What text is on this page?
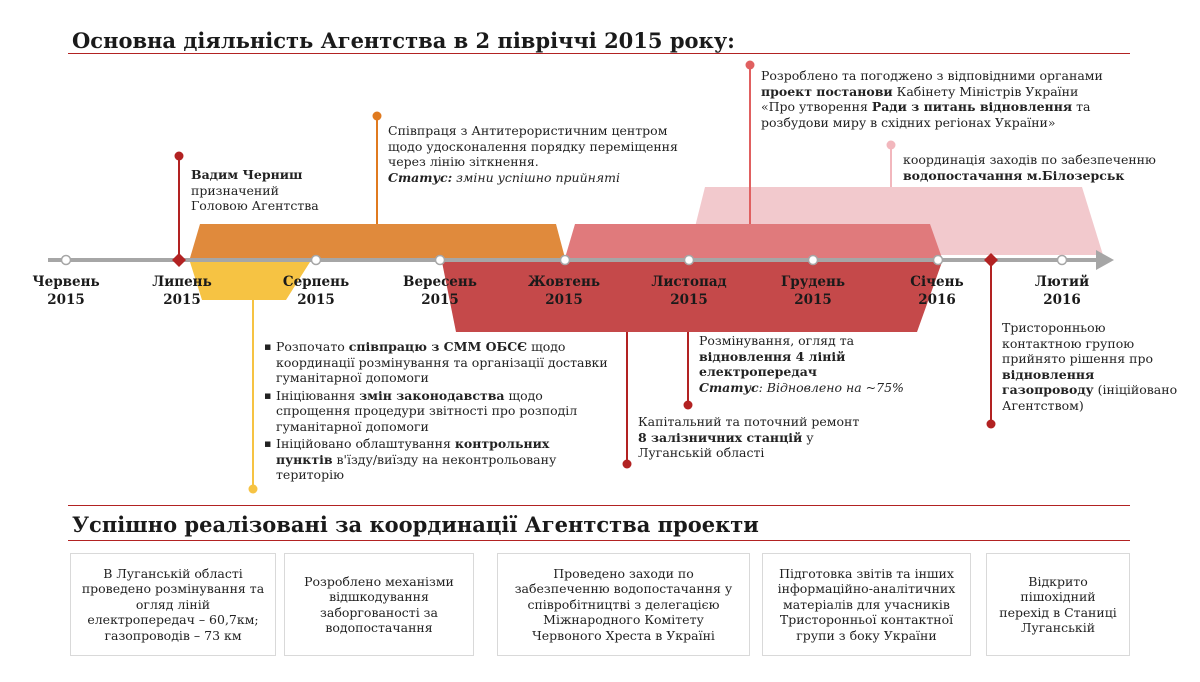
Основна діяльність Агентства в 2 півріччі 2015 року:
Червень
2015
Липень
2015
Серпень
2015
Вересень
2015
Жовтень
2015
Листопад
2015
Грудень
2015
Січень
2016
Лютий
2016
Вадим Черниш
призначений
Головою Агентства
Співпраця з Антитерористичним центром
щодо удосконалення порядку переміщення
через лінію зіткнення.
Статус: зміни успішно прийняті
Розроблено та погоджено з відповідними органами
проект постанови Кабінету Міністрів України
«Про утворення Ради з питань відновлення та
розбудови миру в східних регіонах України»
координація заходів по забезпеченню
водопостачання м.Білозерськ
▪ Розпочато співпрацю з СММ ОБСЄ щодо
координації розмінування та організації доставки
гуманітарної допомоги
▪ Ініціювання змін законодавства щодо
спрощення процедури звітності про розподіл
гуманітарної допомоги
▪ Ініційовано облаштування контрольних
пунктів в'їзду/виїзду на неконтрольовану
територію
Розмінування, огляд та
відновлення 4 ліній
електропередач
Статус: Відновлено на ~75%
Капітальний та поточний ремонт
8 залізничних станцій у
Луганській області
Тристоронньою
контактною групою
прийнято рішення про
відновлення
газопроводу (ініційовано
Агентством)
Успішно реалізовані за координації Агентства проекти
В Луганській області
проведено розмінування та
огляд ліній
електропередач – 60,7км;
газопроводів – 73 км
Розроблено механізми
відшкодування
заборгованості за
водопостачання
Проведено заходи по
забезпеченню водопостачання у
співробітництві з делегацією
Міжнародного Комітету
Червоного Хреста в Україні
Підготовка звітів та інших
інформаційно-аналітичних
матеріалів для учасників
Тристоронньої контактної
групи з боку України
Відкрито
пішохідний
перехід в Станиці
Луганській
